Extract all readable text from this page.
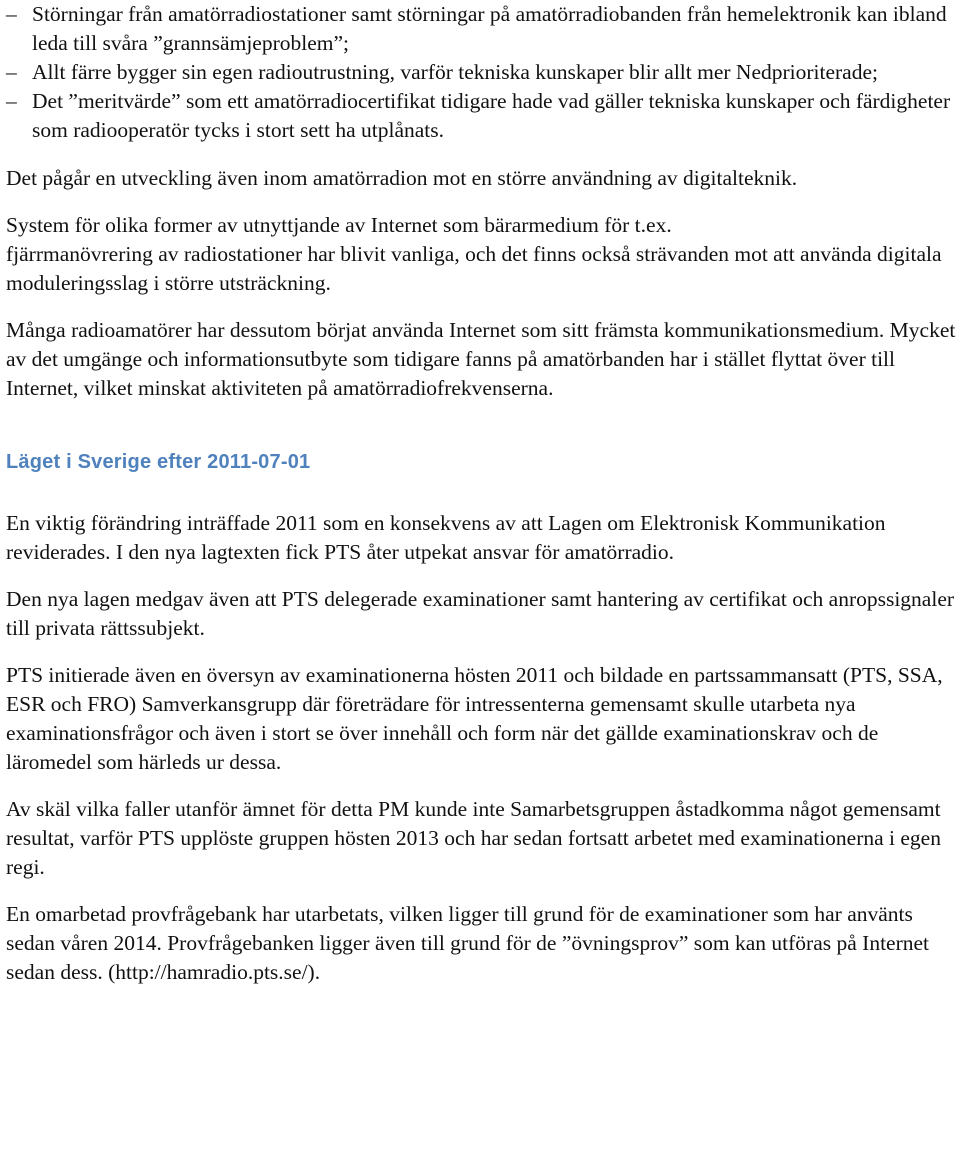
– Störningar från amatörradiostationer samt störningar på amatörradiobanden från hemelektronik kan ibland leda till svåra ”grannsämjeproblem”;

– Allt färre bygger sin egen radioutrustning, varför tekniska kunskaper blir allt mer Nedprioriterade;

– Det ”meritvärde” som ett amatörradiocertifikat tidigare hade vad gäller tekniska kunskaper och färdigheter som radiooperatör tycks i stort sett ha utplånats.

Det pågår en utveckling även inom amatörradion mot en större användning av digitalteknik.

System för olika former av utnyttjande av Internet som bärarmedium för t.ex.

fjärrmanövrering av radiostationer har blivit vanliga, och det finns också strävanden mot att använda digitala moduleringsslag i större utsträckning.

Många radioamatörer har dessutom börjat använda Internet som sitt främsta kommunikationsmedium. Mycket av det umgänge och informationsutbyte som tidigare fanns på amatörbanden har i stället flyttat över till Internet, vilket minskat aktiviteten på amatörradiofrekvenserna.

Läget i Sverige efter 2011-07-01

En viktig förändring inträffade 2011 som en konsekvens av att Lagen om Elektronisk Kommunikation reviderades. I den nya lagtexten fick PTS åter utpekat ansvar för amatörradio.

Den nya lagen medgav även att PTS delegerade examinationer samt hantering av certifikat och anropssignaler till privata rättssubjekt.

PTS initierade även en översyn av examinationerna hösten 2011 och bildade en partssammansatt (PTS, SSA, ESR och FRO) Samverkansgrupp där företrädare för intressenterna gemensamt skulle utarbeta nya examinationsfrågor och även i stort se över innehåll och form när det gällde examinationskrav och de läromedel som härleds ur dessa.

Av skäl vilka faller utanför ämnet för detta PM kunde inte Samarbetsgruppen åstadkomma något gemensamt resultat, varför PTS upplöste gruppen hösten 2013 och har sedan fortsatt arbetet med examinationerna i egen regi.

En omarbetad provfrågebank har utarbetats, vilken ligger till grund för de examinationer som har använts sedan våren 2014. Provfrågebanken ligger även till grund för de ”övningsprov” som kan utföras på Internet sedan dess. (http://hamradio.pts.se/).
